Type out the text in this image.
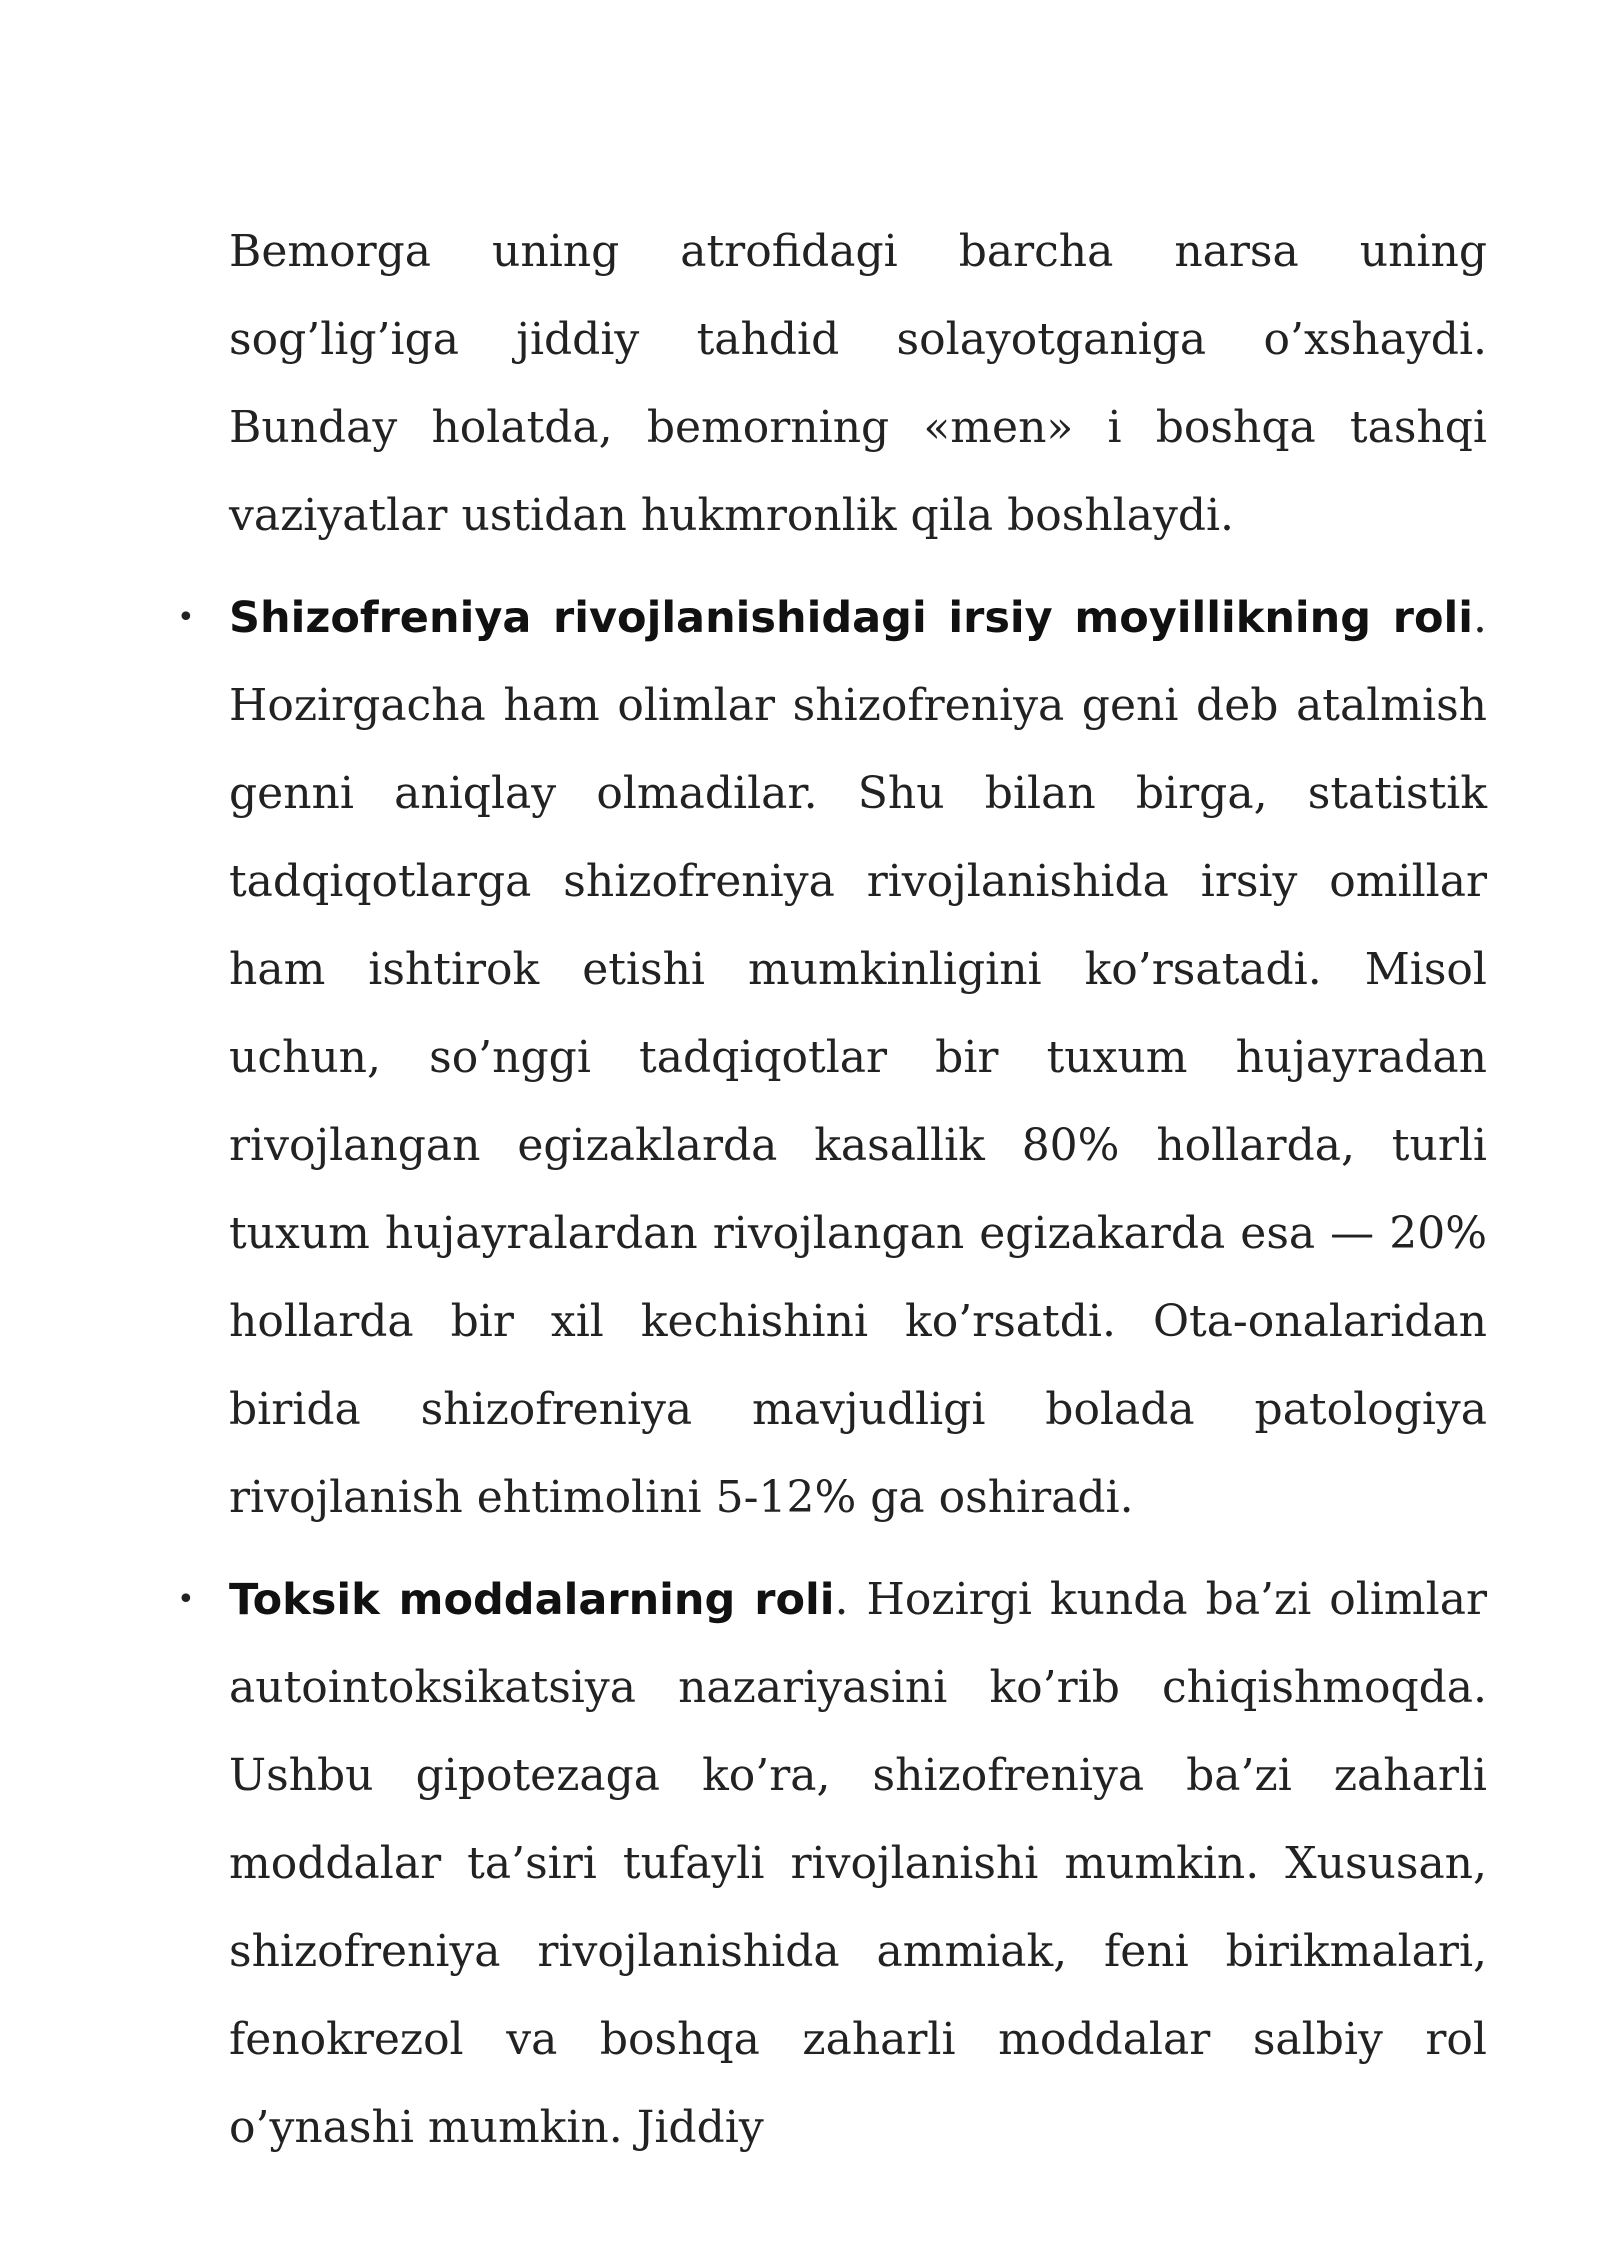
Bemorga uning atrofidagi barcha narsa uning sog’lig’iga jiddiy tahdid solayotganiga o’xshaydi. Bunday holatda, bemorning «men» i boshqa tashqi vaziyatlar ustidan hukmronlik qila boshlaydi.

• Shizofreniya rivojlanishidagi irsiy moyillikning roli. Hozirgacha ham olimlar shizofreniya geni deb atalmish genni aniqlay olmadilar. Shu bilan birga, statistik tadqiqotlarga shizofreniya rivojlanishida irsiy omillar ham ishtirok etishi mumkinligini ko’rsatadi. Misol uchun, so’nggi tadqiqotlar bir tuxum hujayradan rivojlangan egizaklarda kasallik 80% hollarda, turli tuxum hujayralardan rivojlangan egizakarda esa — 20% hollarda bir xil kechishini ko’rsatdi. Ota-onalaridan birida shizofreniya mavjudligi bolada patologiya rivojlanish ehtimolini 5-12% ga oshiradi.

• Toksik moddalarning roli. Hozirgi kunda ba’zi olimlar autointoksikatsiya nazariyasini ko’rib chiqishmoqda. Ushbu gipotezaga ko’ra, shizofreniya ba’zi zaharli moddalar ta’siri tufayli rivojlanishi mumkin. Xususan, shizofreniya rivojlanishida ammiak, feni birikmalari, fenokrezol va boshqa zaharli moddalar salbiy rol o’ynashi mumkin. Jiddiy
